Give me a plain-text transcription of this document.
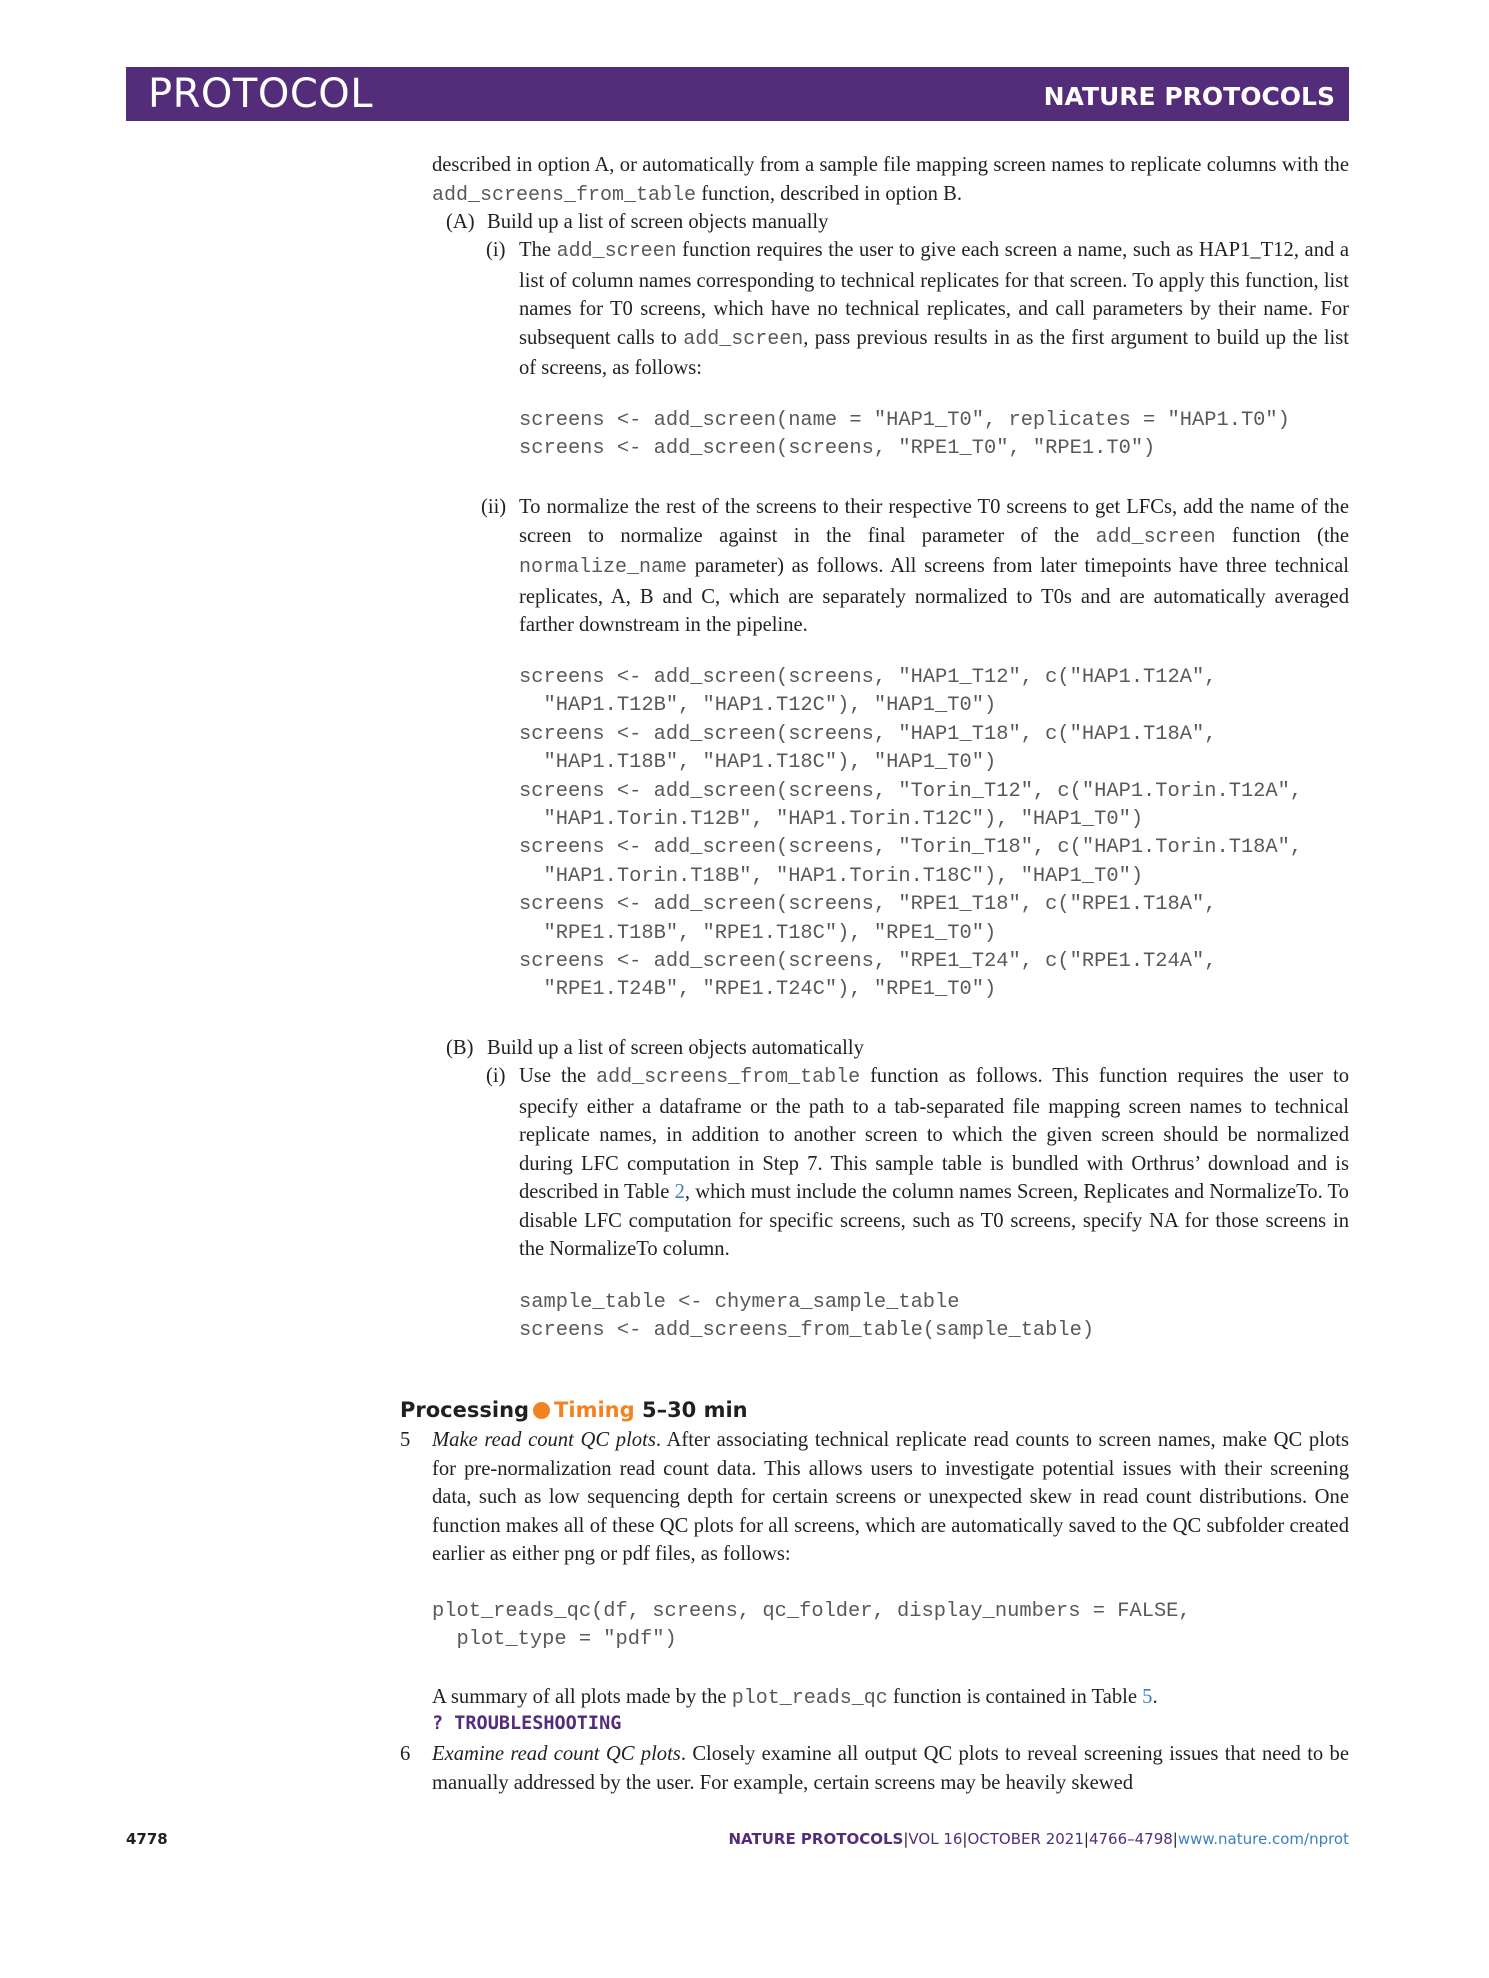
PROTOCOL	NATURE PROTOCOLS
described in option A, or automatically from a sample file mapping screen names to replicate columns with the add_screens_from_table function, described in option B.
(A) Build up a list of screen objects manually
(i) The add_screen function requires the user to give each screen a name, such as HAP1_T12, and a list of column names corresponding to technical replicates for that screen. To apply this function, list names for T0 screens, which have no technical replicates, and call parameters by their name. For subsequent calls to add_screen, pass previous results in as the first argument to build up the list of screens, as follows:
screens <- add_screen(name = "HAP1_T0", replicates = "HAP1.T0")
screens <- add_screen(screens, "RPE1_T0", "RPE1.T0")
(ii) To normalize the rest of the screens to their respective T0 screens to get LFCs, add the name of the screen to normalize against in the final parameter of the add_screen function (the normalize_name parameter) as follows. All screens from later timepoints have three technical replicates, A, B and C, which are separately normalized to T0s and are automatically averaged farther downstream in the pipeline.
screens <- add_screen(screens, "HAP1_T12", c("HAP1.T12A",
"HAP1.T12B", "HAP1.T12C"), "HAP1_T0")
screens <- add_screen(screens, "HAP1_T18", c("HAP1.T18A",
"HAP1.T18B", "HAP1.T18C"), "HAP1_T0")
screens <- add_screen(screens, "Torin_T12", c("HAP1.Torin.T12A",
"HAP1.Torin.T12B", "HAP1.Torin.T12C"), "HAP1_T0")
screens <- add_screen(screens, "Torin_T18", c("HAP1.Torin.T18A",
"HAP1.Torin.T18B", "HAP1.Torin.T18C"), "HAP1_T0")
screens <- add_screen(screens, "RPE1_T18", c("RPE1.T18A",
"RPE1.T18B", "RPE1.T18C"), "RPE1_T0")
screens <- add_screen(screens, "RPE1_T24", c("RPE1.T24A",
"RPE1.T24B", "RPE1.T24C"), "RPE1_T0")
(B) Build up a list of screen objects automatically
(i) Use the add_screens_from_table function as follows. This function requires the user to specify either a dataframe or the path to a tab-separated file mapping screen names to technical replicate names, in addition to another screen to which the given screen should be normalized during LFC computation in Step 7. This sample table is bundled with Orthrus’ download and is described in Table 2, which must include the column names Screen, Replicates and NormalizeTo. To disable LFC computation for specific screens, such as T0 screens, specify NA for those screens in the NormalizeTo column.
sample_table <- chymera_sample_table
screens <- add_screens_from_table(sample_table)
Processing Timing 5–30 min
5 Make read count QC plots. After associating technical replicate read counts to screen names, make QC plots for pre-normalization read count data. This allows users to investigate potential issues with their screening data, such as low sequencing depth for certain screens or unexpected skew in read count distributions. One function makes all of these QC plots for all screens, which are automatically saved to the QC subfolder created earlier as either png or pdf files, as follows:
plot_reads_qc(df, screens, qc_folder, display_numbers = FALSE,
plot_type = "pdf")
A summary of all plots made by the plot_reads_qc function is contained in Table 5.
? TROUBLESHOOTING
6 Examine read count QC plots. Closely examine all output QC plots to reveal screening issues that need to be manually addressed by the user. For example, certain screens may be heavily skewed
4778	NATURE PROTOCOLS|VOL 16|OCTOBER 2021|4766–4798|www.nature.com/nprot
